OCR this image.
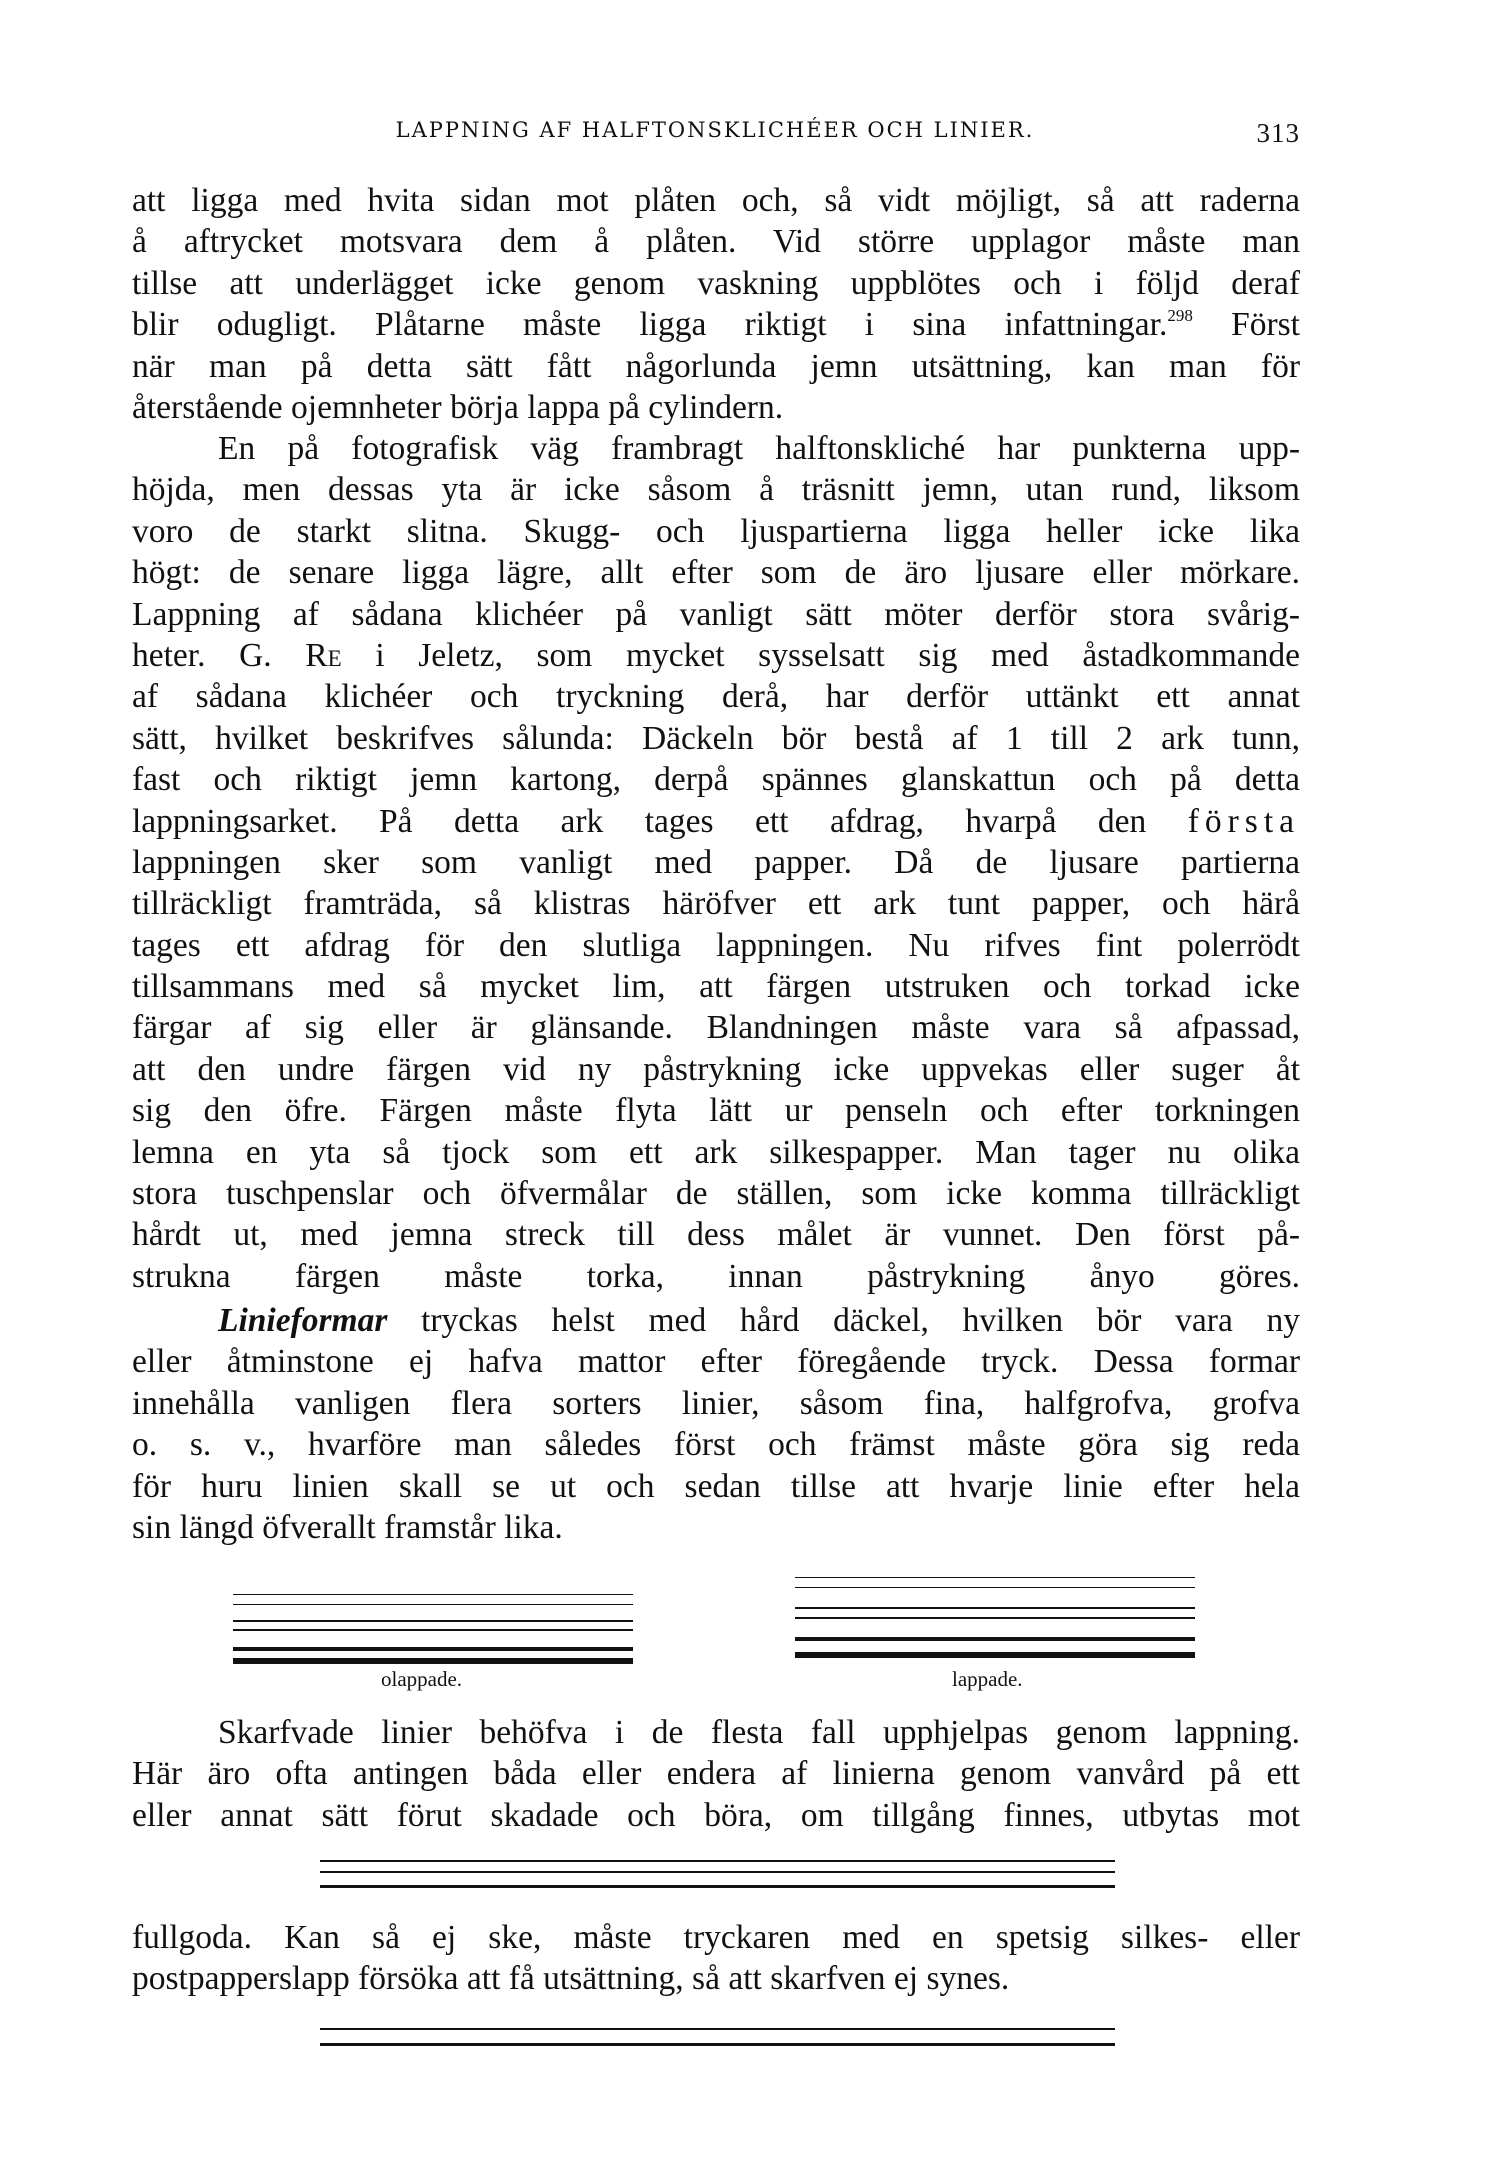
LAPPNING AF HALFTONSKLICHÉER OCH LINIER.	313
att ligga med hvita sidan mot plåten och, så vidt möjligt, så att raderna
å aftrycket motsvara dem å plåten. Vid större upplagor måste man
tillse att underlägget icke genom vaskning uppblötes och i följd deraf
blir odugligt. Plåtarne måste ligga riktigt i sina infattningar.$^{298}$ Först
när man på detta sätt fått någorlunda jemn utsättning, kan man för
återstående ojemnheter börja lappa på cylindern.
En på fotografisk väg frambragt halftonskliché har punkterna upp-
höjda, men dessas yta är icke såsom å träsnitt jemn, utan rund, liksom
voro de starkt slitna. Skugg- och ljuspartierna ligga heller icke lika
högt: de senare ligga lägre, allt efter som de äro ljusare eller mörkare.
Lappning af sådana klichéer på vanligt sätt möter derför stora svårig-
heter. G. Re i Jeletz, som mycket sysselsatt sig med åstadkommande
af sådana klichéer och tryckning derå, har derför uttänkt ett annat
sätt, hvilket beskrifves sålunda: Däckeln bör bestå af 1 till 2 ark tunn,
fast och riktigt jemn kartong, derpå spännes glanskattun och på detta
lappningsarket. På detta ark tages ett afdrag, hvarpå den första
lappningen sker som vanligt med papper. Då de ljusare partierna
tillräckligt framträda, så klistras häröfver ett ark tunt papper, och härå
tages ett afdrag för den slutliga lappningen. Nu rifves fint polerrödt
tillsammans med så mycket lim, att färgen utstruken och torkad icke
färgar af sig eller är glänsande. Blandningen måste vara så afpassad,
att den undre färgen vid ny påstrykning icke uppvekas eller suger åt
sig den öfre. Färgen måste flyta lätt ur penseln och efter torkningen
lemna en yta så tjock som ett ark silkespapper. Man tager nu olika
stora tuschpenslar och öfvermålar de ställen, som icke komma tillräckligt
hårdt ut, med jemna streck till dess målet är vunnet. Den först på-
strukna färgen måste torka, innan påstrykning ånyo göres.
Linieformar tryckas helst med hård däckel, hvilken bör vara ny
eller åtminstone ej hafva mattor efter föregående tryck. Dessa formar
innehålla vanligen flera sorters linier, såsom fina, halfgrofva, grofva
o. s. v., hvarföre man således först och främst måste göra sig reda
för huru linien skall se ut och sedan tillse att hvarje linie efter hela
sin längd öfverallt framstår lika.
olappade.	lappade.
Skarfvade linier behöfva i de flesta fall upphjelpas genom lappning.
Här äro ofta antingen båda eller endera af linierna genom vanvård på ett
eller annat sätt förut skadade och böra, om tillgång finnes, utbytas mot
fullgoda. Kan så ej ske, måste tryckaren med en spetsig silkes- eller
postpapperslapp försöka att få utsättning, så att skarfven ej synes.
